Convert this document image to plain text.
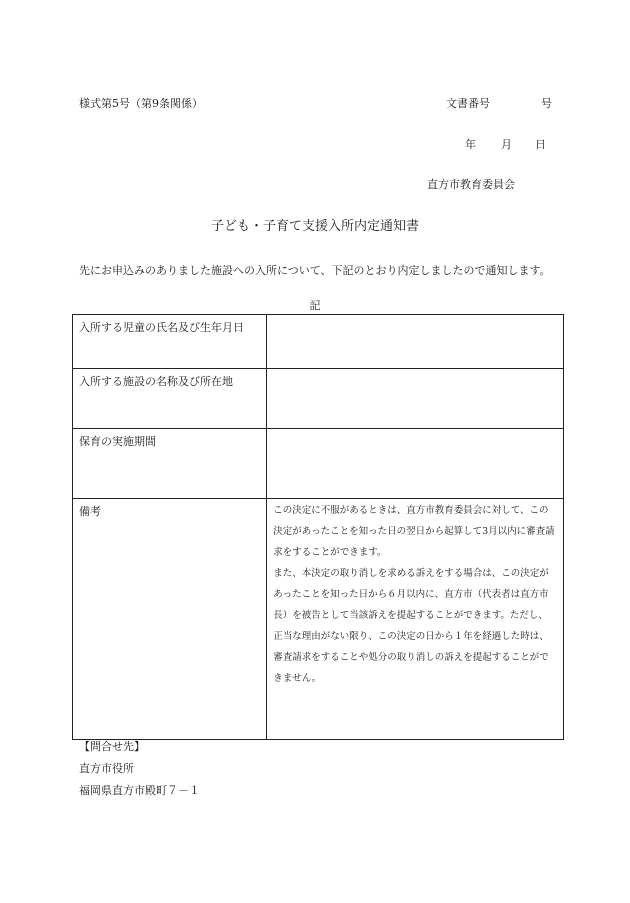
様式第5号（第9条関係）	文書番号	号
年 月 日
直方市教育委員会
子ども・子育て支援入所内定通知書
先にお申込みのありました施設への入所について、下記のとおり内定しましたので通知します。
記
入所する児童の氏名及び生年月日	
入所する施設の名称及び所在地	
保育の実施期間	
備考	この決定に不服があるときは、直方市教育委員会に対して、この決定があったことを知った日の翌日から起算して3月以内に審査請求をすることができます。

また、本決定の取り消しを求める訴えをする場合は、この決定があったことを知った日から６月以内に、直方市（代表者は直方市長）を被告として当該訴えを提起することができます。ただし、正当な理由がない限り、この決定の日から１年を経過した時は、審査請求をすることや処分の取り消しの訴えを提起することができません。

【問合せ先】
直方市役所
福岡県直方市殿町７－１
